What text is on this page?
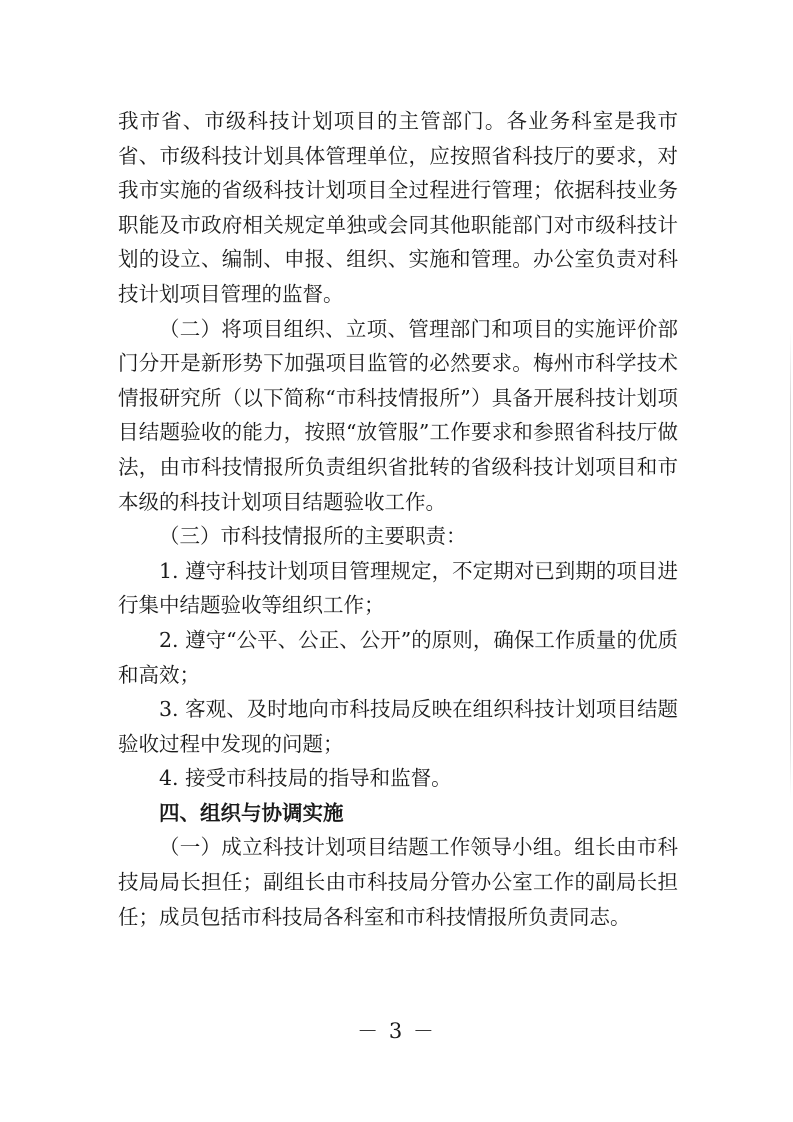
我市省、市级科技计划项目的主管部门。各业务科室是我市省、市级科技计划具体管理单位，应按照省科技厅的要求，对我市实施的省级科技计划项目全过程进行管理；依据科技业务职能及市政府相关规定单独或会同其他职能部门对市级科技计划的设立、编制、申报、组织、实施和管理。办公室负责对科技计划项目管理的监督。

（二）将项目组织、立项、管理部门和项目的实施评价部门分开是新形势下加强项目监管的必然要求。梅州市科学技术情报研究所（以下简称“市科技情报所”）具备开展科技计划项目结题验收的能力，按照“放管服”工作要求和参照省科技厅做法，由市科技情报所负责组织省批转的省级科技计划项目和市本级的科技计划项目结题验收工作。

（三）市科技情报所的主要职责：

1. 遵守科技计划项目管理规定，不定期对已到期的项目进行集中结题验收等组织工作；

2. 遵守“公平、公正、公开”的原则，确保工作质量的优质和高效；

3. 客观、及时地向市科技局反映在组织科技计划项目结题验收过程中发现的问题；

4. 接受市科技局的指导和监督。

四、组织与协调实施

（一）成立科技计划项目结题工作领导小组。组长由市科技局局长担任；副组长由市科技局分管办公室工作的副局长担任；成员包括市科技局各科室和市科技情报所负责同志。

－ 3 －
